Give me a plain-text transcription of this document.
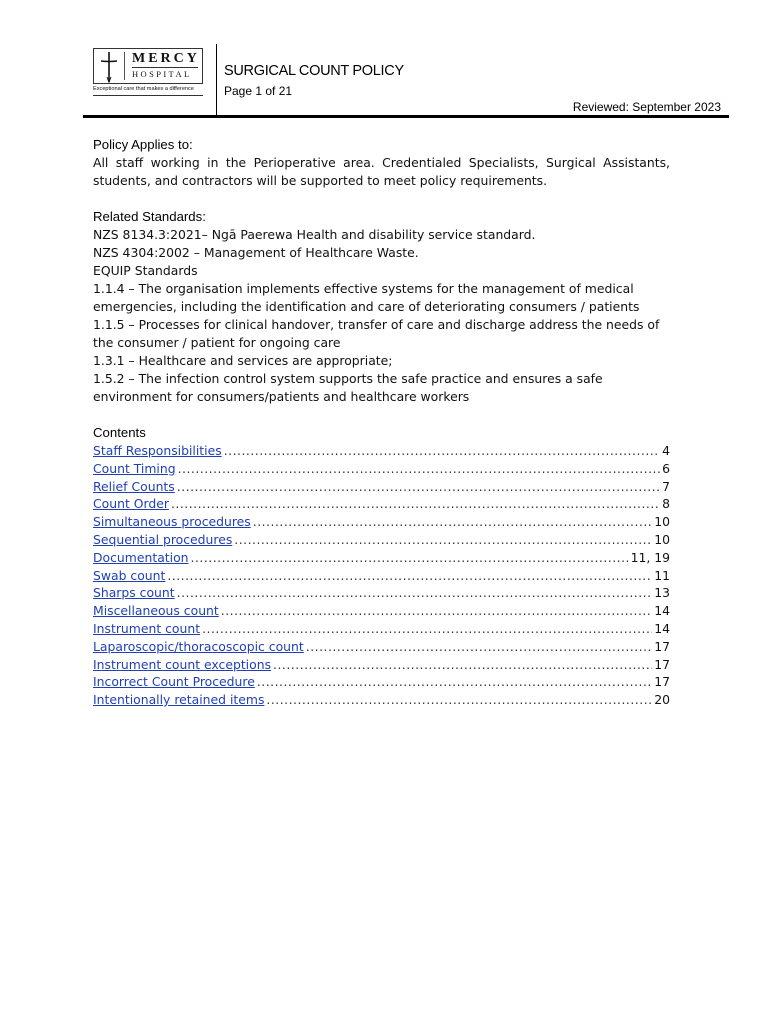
MERCY
HOSPITAL
Exceptional care that makes a difference
SURGICAL COUNT POLICY
Page 1 of 21
Reviewed: September 2023
Policy Applies to:

All staff working in the Perioperative area. Credentialed Specialists, Surgical Assistants, students, and contractors will be supported to meet policy requirements.

Related Standards:

NZS 8134.3:2021– Ngā Paerewa Health and disability service standard.

NZS 4304:2002 – Management of Healthcare Waste.

EQUIP Standards

1.1.4 – The organisation implements effective systems for the management of medical emergencies, including the identification and care of deteriorating consumers / patients

1.1.5 – Processes for clinical handover, transfer of care and discharge address the needs of the consumer / patient for ongoing care

1.3.1 – Healthcare and services are appropriate;

1.5.2 – The infection control system supports the safe practice and ensures a safe environment for consumers/patients and healthcare workers

Contents
Staff Responsibilities .....	4
Count Timing .....	6
Relief Counts .....	7
Count Order .....	8
Simultaneous procedures .....	10
Sequential procedures .....	10
Documentation .....	11, 19
Swab count .....	11
Sharps count .....	13
Miscellaneous count .....	14
Instrument count .....	14
Laparoscopic/thoracoscopic count .....	17
Instrument count exceptions .....	17
Incorrect Count Procedure .....	17
Intentionally retained items .....	20
